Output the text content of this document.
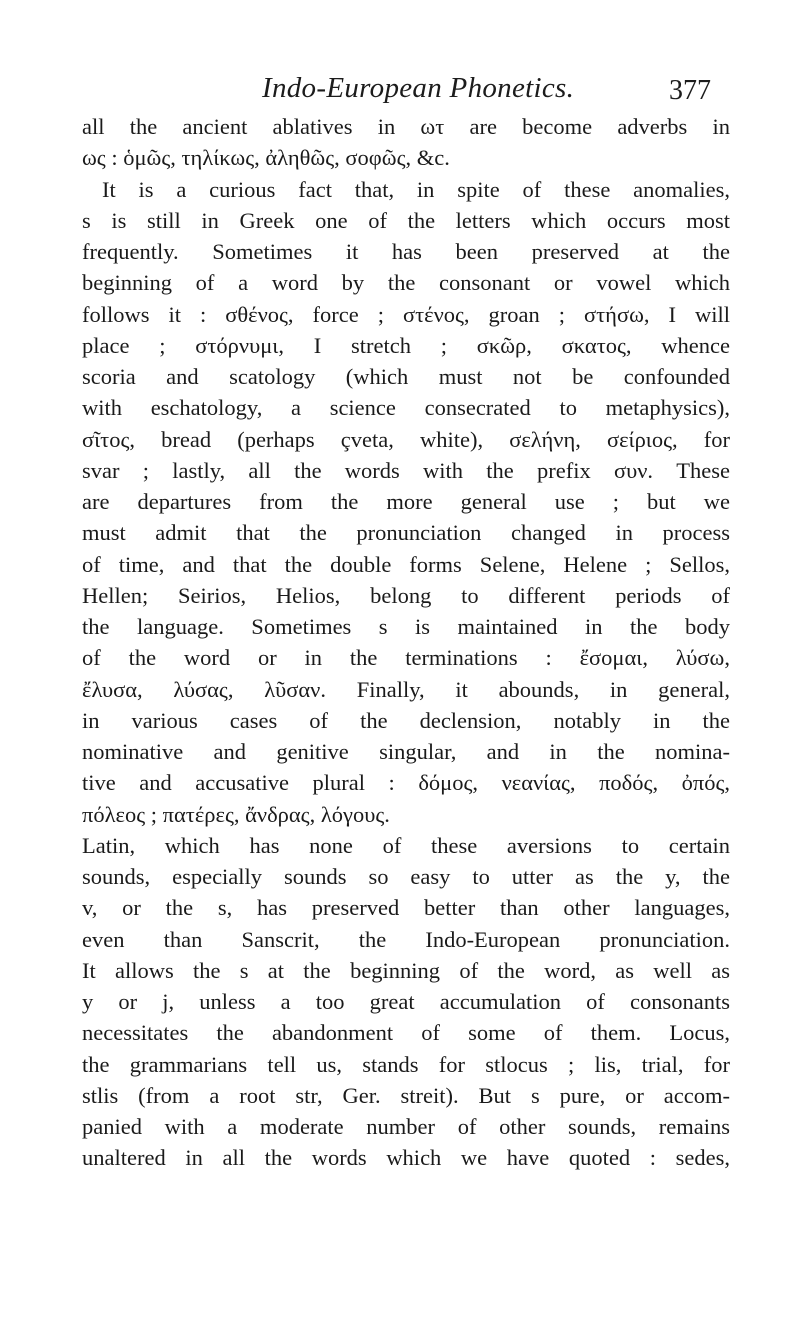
Indo-European Phonetics.	377
all the ancient ablatives in ωτ are become adverbs in
ως : ὁμῶς, τηλίκως, ἀληθῶς, σοφῶς, &c.
It is a curious fact that, in spite of these anomalies,
s is still in Greek one of the letters which occurs most
frequently. Sometimes it has been preserved at the
beginning of a word by the consonant or vowel which
follows it : σθένος, force ; στένος, groan ; στήσω, I will
place ; στόρνυμι, I stretch ; σκῶρ, σκατος, whence
scoria and scatology (which must not be confounded
with eschatology, a science consecrated to metaphysics),
σῖτος, bread (perhaps çveta, white), σελήνη, σείριος, for
svar ; lastly, all the words with the prefix συν. These
are departures from the more general use ; but we
must admit that the pronunciation changed in process
of time, and that the double forms Selene, Helene ; Sellos,
Hellen; Seirios, Helios, belong to different periods of
the language. Sometimes s is maintained in the body
of the word or in the terminations : ἔσομαι, λύσω,
ἔλυσα, λύσας, λῦσαν. Finally, it abounds, in general,
in various cases of the declension, notably in the
nominative and genitive singular, and in the nomina-
tive and accusative plural : δόμος, νεανίας, ποδός, ὀπός,
πόλεος ; πατέρες, ἄνδρας, λόγους.
Latin, which has none of these aversions to certain
sounds, especially sounds so easy to utter as the y, the
v, or the s, has preserved better than other languages,
even than Sanscrit, the Indo-European pronunciation.
It allows the s at the beginning of the word, as well as
y or j, unless a too great accumulation of consonants
necessitates the abandonment of some of them. Locus,
the grammarians tell us, stands for stlocus ; lis, trial, for
stlis (from a root str, Ger. streit). But s pure, or accom-
panied with a moderate number of other sounds, remains
unaltered in all the words which we have quoted : sedes,
